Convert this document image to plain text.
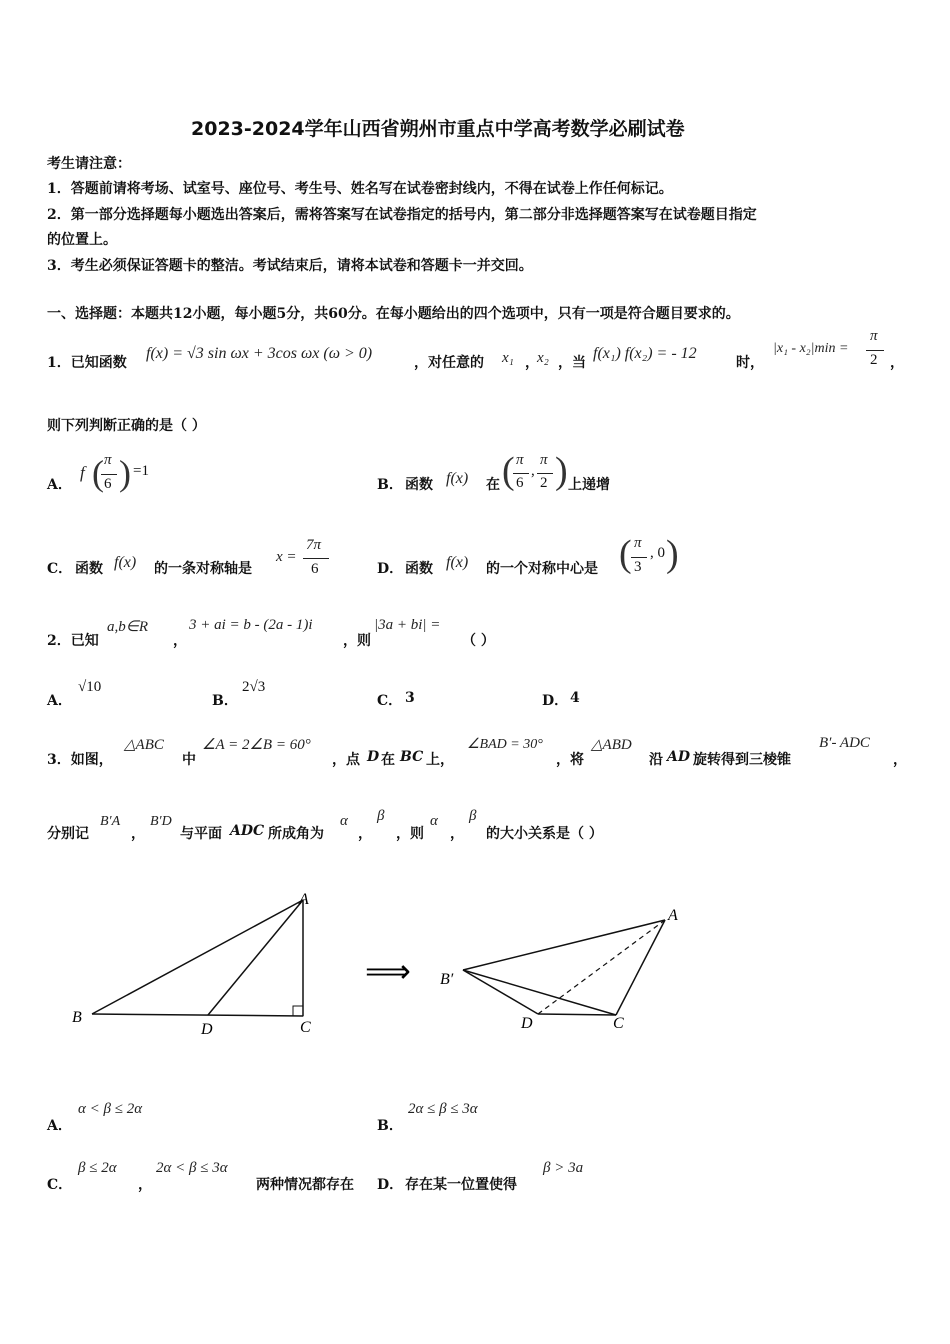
2023-2024学年山西省朔州市重点中学高考数学必刷试卷
考生请注意：
1．答题前请将考场、试室号、座位号、考生号、姓名写在试卷密封线内，不得在试卷上作任何标记。
2．第一部分选择题每小题选出答案后，需将答案写在试卷指定的括号内，第二部分非选择题答案写在试卷题目指定
的位置上。
3．考生必须保证答题卡的整洁。考试结束后，请将本试卷和答题卡一并交回。
一、选择题：本题共12小题，每小题5分，共60分。在每小题给出的四个选项中，只有一项是符合题目要求的。
1．已知函数
f(x) = √3 sin ωx + 3cos ωx (ω > 0)
，对任意的 x₁ ，
x₂ ，当
f(x₁) f(x₂) = - 12
时，
|x₁ - x₂|min =
π
2 ，
则下列判断正确的是（ ）
A．
f ( π
6 ) =1
B． 函数 f(x) 在 ( π
6
,
π
2 ) 上递增
C． 函数 f(x) 的一条对称轴是
x =
7π
6	D． 函数 f(x) 的一个对称中心是 ( π
3
, 0 )
2．已知
a,b∈R
，
3 + ai = b - (2a - 1)i
，则
|3a + bi| =
（ ）
A．
√10
B．
2√3
C． 3	D． 4
3．如图，
△ABC
中
∠A = 2∠B = 60°
，点 D 在 BC 上，
∠BAD = 30°
，将
△ABD
沿 AD 旋转得到三棱锥
B′- ADC
，
分别记
B′A
，
B′D
与平面 ADC 所成角为
α
，
β
，则
α
，
β
的大小关系是（ ）
A
B
C
D
⟹
A
B′
C
D
A．
α < β ≤ 2α
B．
2α ≤ β ≤ 3α
C．
β ≤ 2α
，
2α < β ≤ 3α
两种情况都存在 D． 存在某一位置使得
β > 3a
